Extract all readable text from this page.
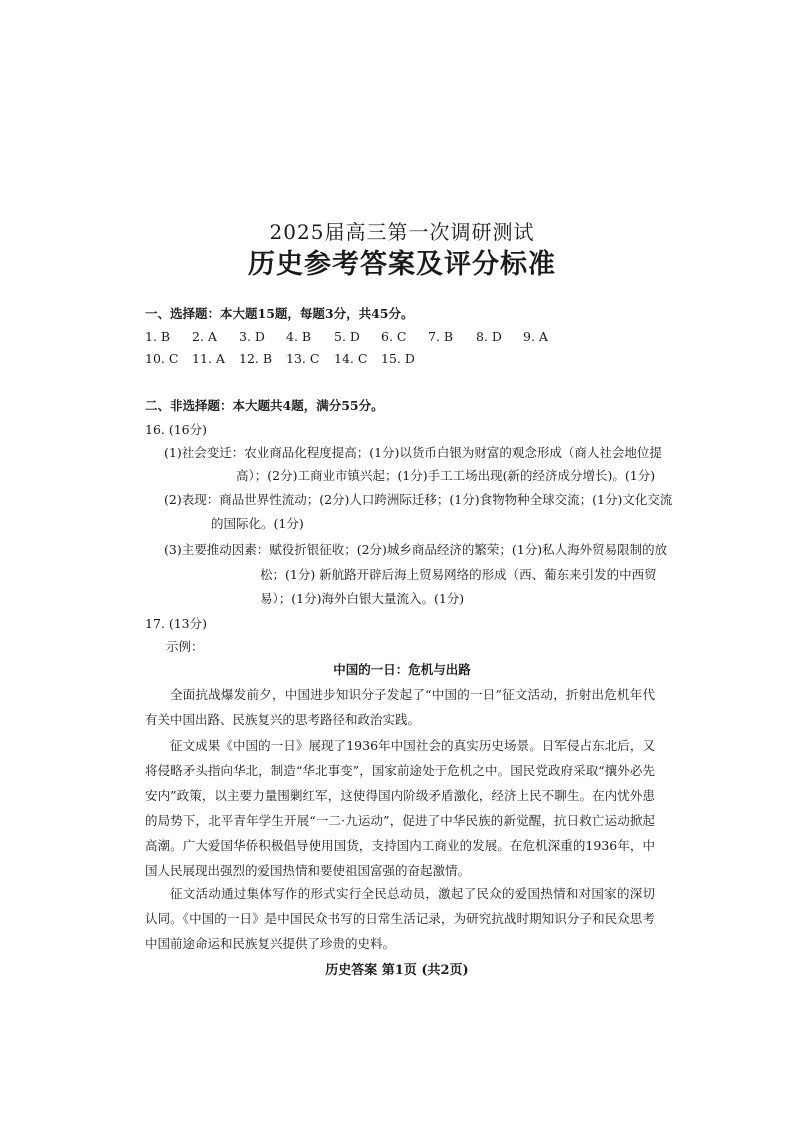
2025届高三第一次调研测试
历史参考答案及评分标准
一、选择题：本大题15题，每题3分，共45分。
1. B 2. A 3. D 4. B 5. D 6. C 7. B 8. D 9. A
10. C 11. A 12. B 13. C 14. C 15. D
二、非选择题：本大题共4题，满分55分。
16. (16分)
(1)社会变迁：农业商品化程度提高；(1分)以货币白银为财富的观念形成（商人社会地位提
高）；(2分)工商业市镇兴起；(1分)手工工场出现(新的经济成分增长)。(1分)
(2)表现：商品世界性流动；(2分)人口跨洲际迁移；(1分)食物物种全球交流；(1分)文化交流
的国际化。(1分)
(3)主要推动因素：赋役折银征收；(2分)城乡商品经济的繁荣；(1分)私人海外贸易限制的放
松；(1分) 新航路开辟后海上贸易网络的形成（西、葡东来引发的中西贸
易）；(1分)海外白银大量流入。(1分)
17. (13分)
示例：
中国的一日：危机与出路
全面抗战爆发前夕，中国进步知识分子发起了“中国的一日”征文活动，折射出危机年代有关中国出路、民族复兴的思考路径和政治实践。
征文成果《中国的一日》展现了1936年中国社会的真实历史场景。日军侵占东北后，又将侵略矛头指向华北，制造“华北事变”，国家前途处于危机之中。国民党政府采取“攘外必先安内”政策，以主要力量围剿红军，这使得国内阶级矛盾激化，经济上民不聊生。在内忧外患的局势下，北平青年学生开展“一二·九运动”，促进了中华民族的新觉醒，抗日救亡运动掀起高潮。广大爱国华侨积极倡导使用国货，支持国内工商业的发展。在危机深重的1936年，中国人民展现出强烈的爱国热情和要使祖国富强的奋起激情。
征文活动通过集体写作的形式实行全民总动员，激起了民众的爱国热情和对国家的深切认同。《中国的一日》是中国民众书写的日常生活记录，为研究抗战时期知识分子和民众思考中国前途命运和民族复兴提供了珍贵的史料。
历史答案 第1页 (共2页)
